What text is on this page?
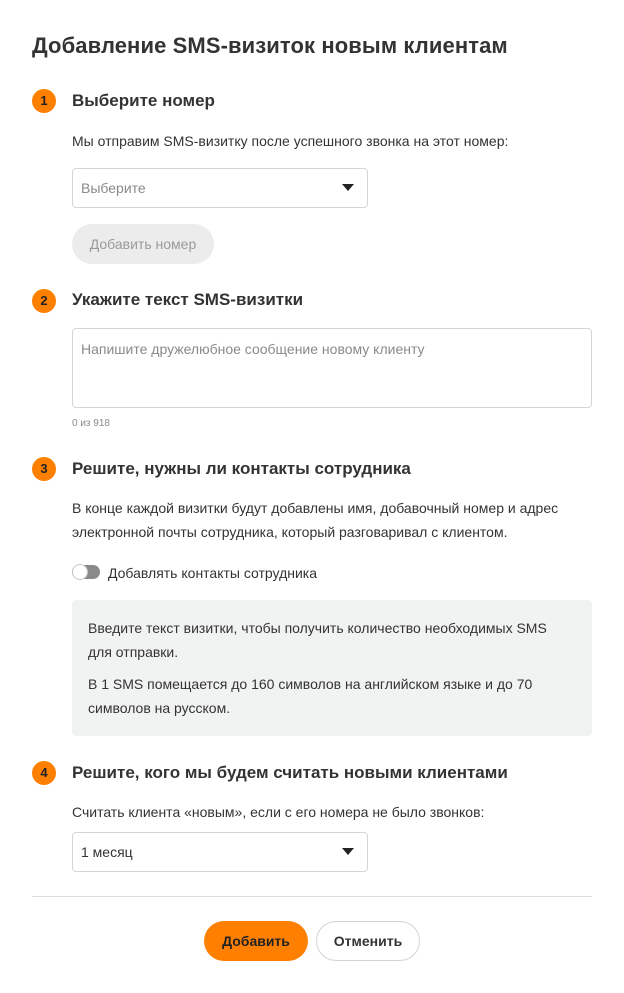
Добавление SMS-визиток новым клиентам
1	Выберите номер
Мы отправим SMS-визитку после успешного звонка на этот номер:
Выберите
Добавить номер
2	Укажите текст SMS-визитки
Напишите дружелюбное сообщение новому клиенту
0 из 918
3	Решите, нужны ли контакты сотрудника
В конце каждой визитки будут добавлены имя, добавочный номер и адрес
электронной почты сотрудника, который разговаривал с клиентом.
Добавлять контакты сотрудника

Введите текст визитки, чтобы получить количество необходимых SMS

для отправки.

В 1 SMS помещается до 160 символов на английском языке и до 70

символов на русском.

4	Решите, кого мы будем считать новыми клиентами
Считать клиента «новым», если с его номера не было звонков:
1 месяц
Добавить	Отменить
